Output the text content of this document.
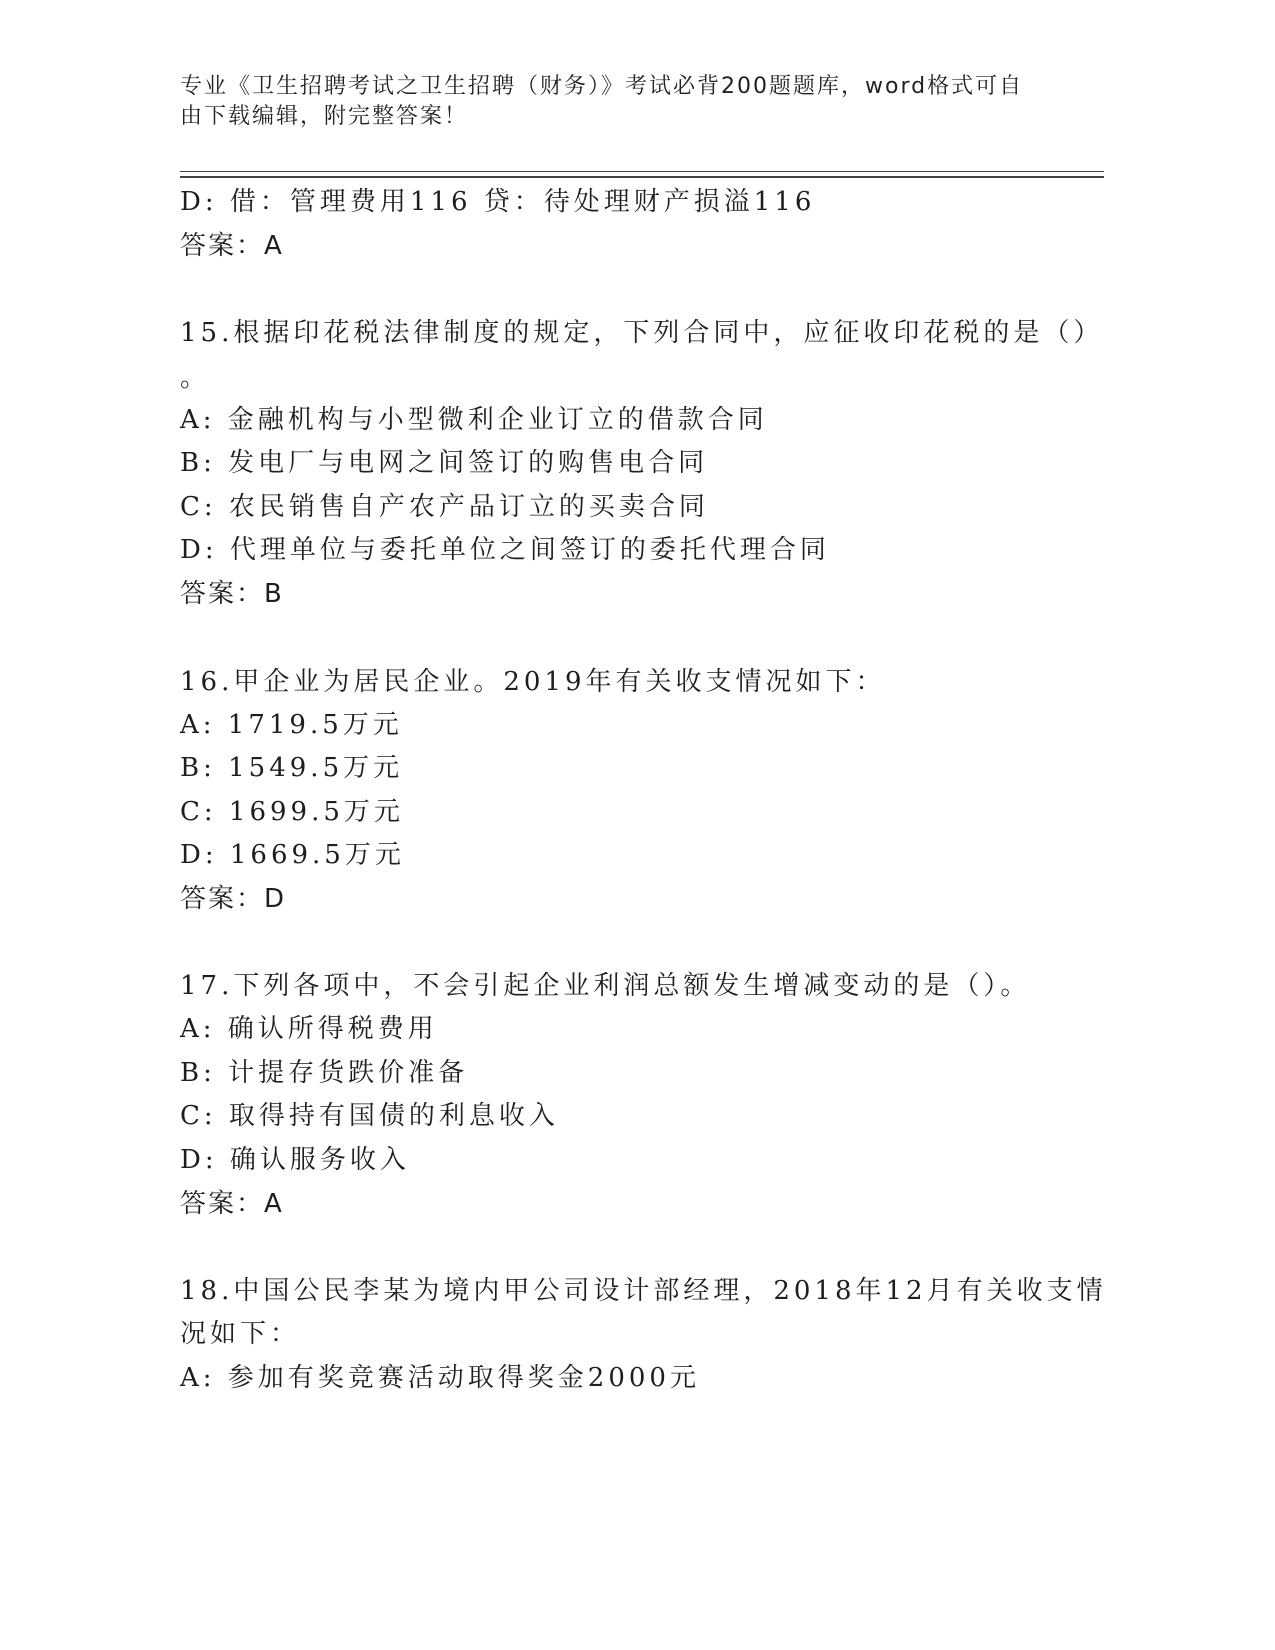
专业《卫生招聘考试之卫生招聘（财务）》考试必背200题题库，word格式可自
由下载编辑，附完整答案！
D: 借：管理费用116 贷：待处理财产损溢116
答案：A
15.根据印花税法律制度的规定，下列合同中，应征收印花税的是（）
。
A: 金融机构与小型微利企业订立的借款合同
B: 发电厂与电网之间签订的购售电合同
C: 农民销售自产农产品订立的买卖合同
D: 代理单位与委托单位之间签订的委托代理合同
答案：B
16.甲企业为居民企业。2019年有关收支情况如下：
A: 1719.5万元
B: 1549.5万元
C: 1699.5万元
D: 1669.5万元
答案：D
17.下列各项中，不会引起企业利润总额发生增减变动的是（）。
A: 确认所得税费用
B: 计提存货跌价准备
C: 取得持有国债的利息收入
D: 确认服务收入
答案：A
18.中国公民李某为境内甲公司设计部经理，2018年12月有关收支情
况如下：
A: 参加有奖竞赛活动取得奖金2000元
